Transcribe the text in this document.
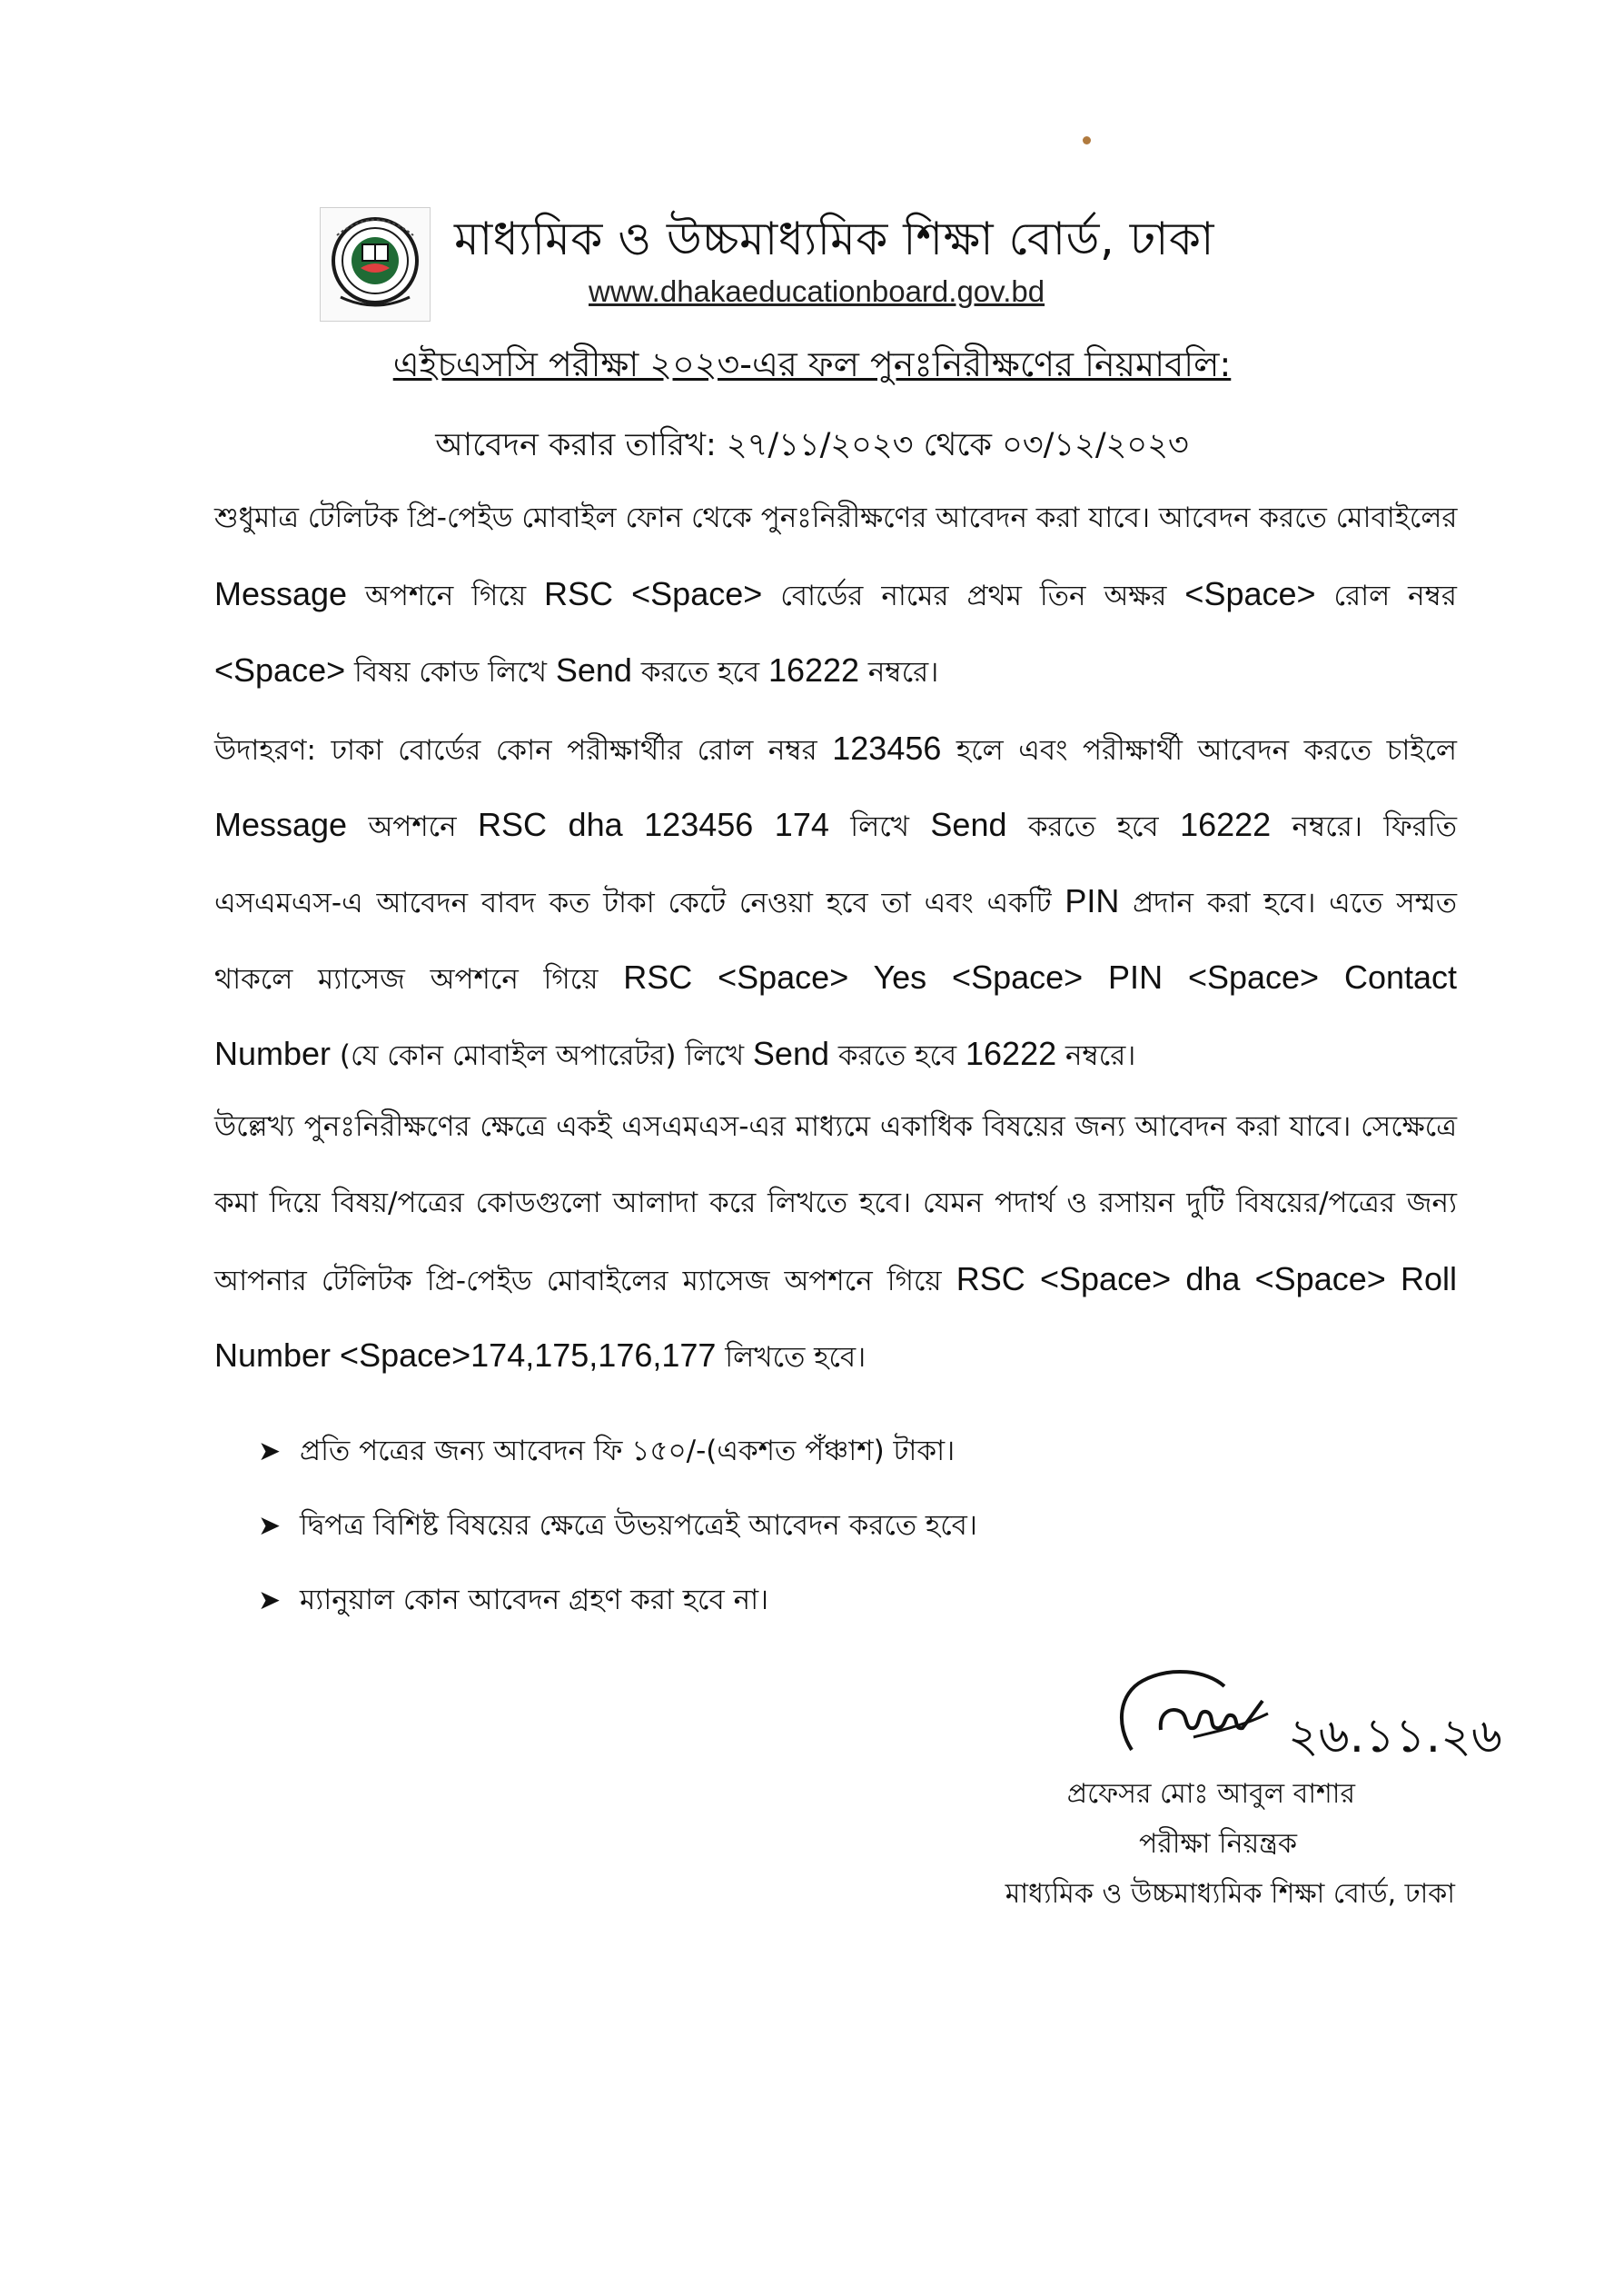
মাধ্যমিক ও উচ্চমাধ্যমিক শিক্ষা বোর্ড, ঢাকা
www.dhakaeducationboard.gov.bd
এইচএসসি পরীক্ষা ২০২৩-এর ফল পুনঃনিরীক্ষণের নিয়মাবলি:
আবেদন করার তারিখ: ২৭/১১/২০২৩ থেকে ০৩/১২/২০২৩
শুধুমাত্র টেলিটক প্রি-পেইড মোবাইল ফোন থেকে পুনঃনিরীক্ষণের আবেদন করা যাবে। আবেদন করতে মোবাইলের
Message অপশনে গিয়ে RSC <Space> বোর্ডের নামের প্রথম তিন অক্ষর <Space> রোল নম্বর
<Space> বিষয় কোড লিখে Send করতে হবে 16222 নম্বরে।
উদাহরণ: ঢাকা বোর্ডের কোন পরীক্ষার্থীর রোল নম্বর 123456 হলে এবং পরীক্ষার্থী আবেদন করতে চাইলে
Message অপশনে RSC dha 123456 174 লিখে Send করতে হবে 16222 নম্বরে। ফিরতি
এসএমএস-এ আবেদন বাবদ কত টাকা কেটে নেওয়া হবে তা এবং একটি PIN প্রদান করা হবে। এতে সম্মত
থাকলে ম্যাসেজ অপশনে গিয়ে RSC <Space> Yes <Space> PIN <Space> Contact
Number (যে কোন মোবাইল অপারেটর) লিখে Send করতে হবে 16222 নম্বরে।
উল্লেখ্য পুনঃনিরীক্ষণের ক্ষেত্রে একই এসএমএস-এর মাধ্যমে একাধিক বিষয়ের জন্য আবেদন করা যাবে। সেক্ষেত্রে
কমা দিয়ে বিষয়/পত্রের কোডগুলো আলাদা করে লিখতে হবে। যেমন পদার্থ ও রসায়ন দুটি বিষয়ের/পত্রের জন্য
আপনার টেলিটক প্রি-পেইড মোবাইলের ম্যাসেজ অপশনে গিয়ে RSC <Space> dha <Space> Roll
Number <Space>174,175,176,177 লিখতে হবে।
➤ প্রতি পত্রের জন্য আবেদন ফি ১৫০/-(একশত পঁঞ্চাশ) টাকা।
➤ দ্বিপত্র বিশিষ্ট বিষয়ের ক্ষেত্রে উভয়পত্রেই আবেদন করতে হবে।
➤ ম্যানুয়াল কোন আবেদন গ্রহণ করা হবে না।
২৬.১১.২৬
প্রফেসর মোঃ আবুল বাশার
পরীক্ষা নিয়ন্ত্রক
মাধ্যমিক ও উচ্চমাধ্যমিক শিক্ষা বোর্ড, ঢাকা
